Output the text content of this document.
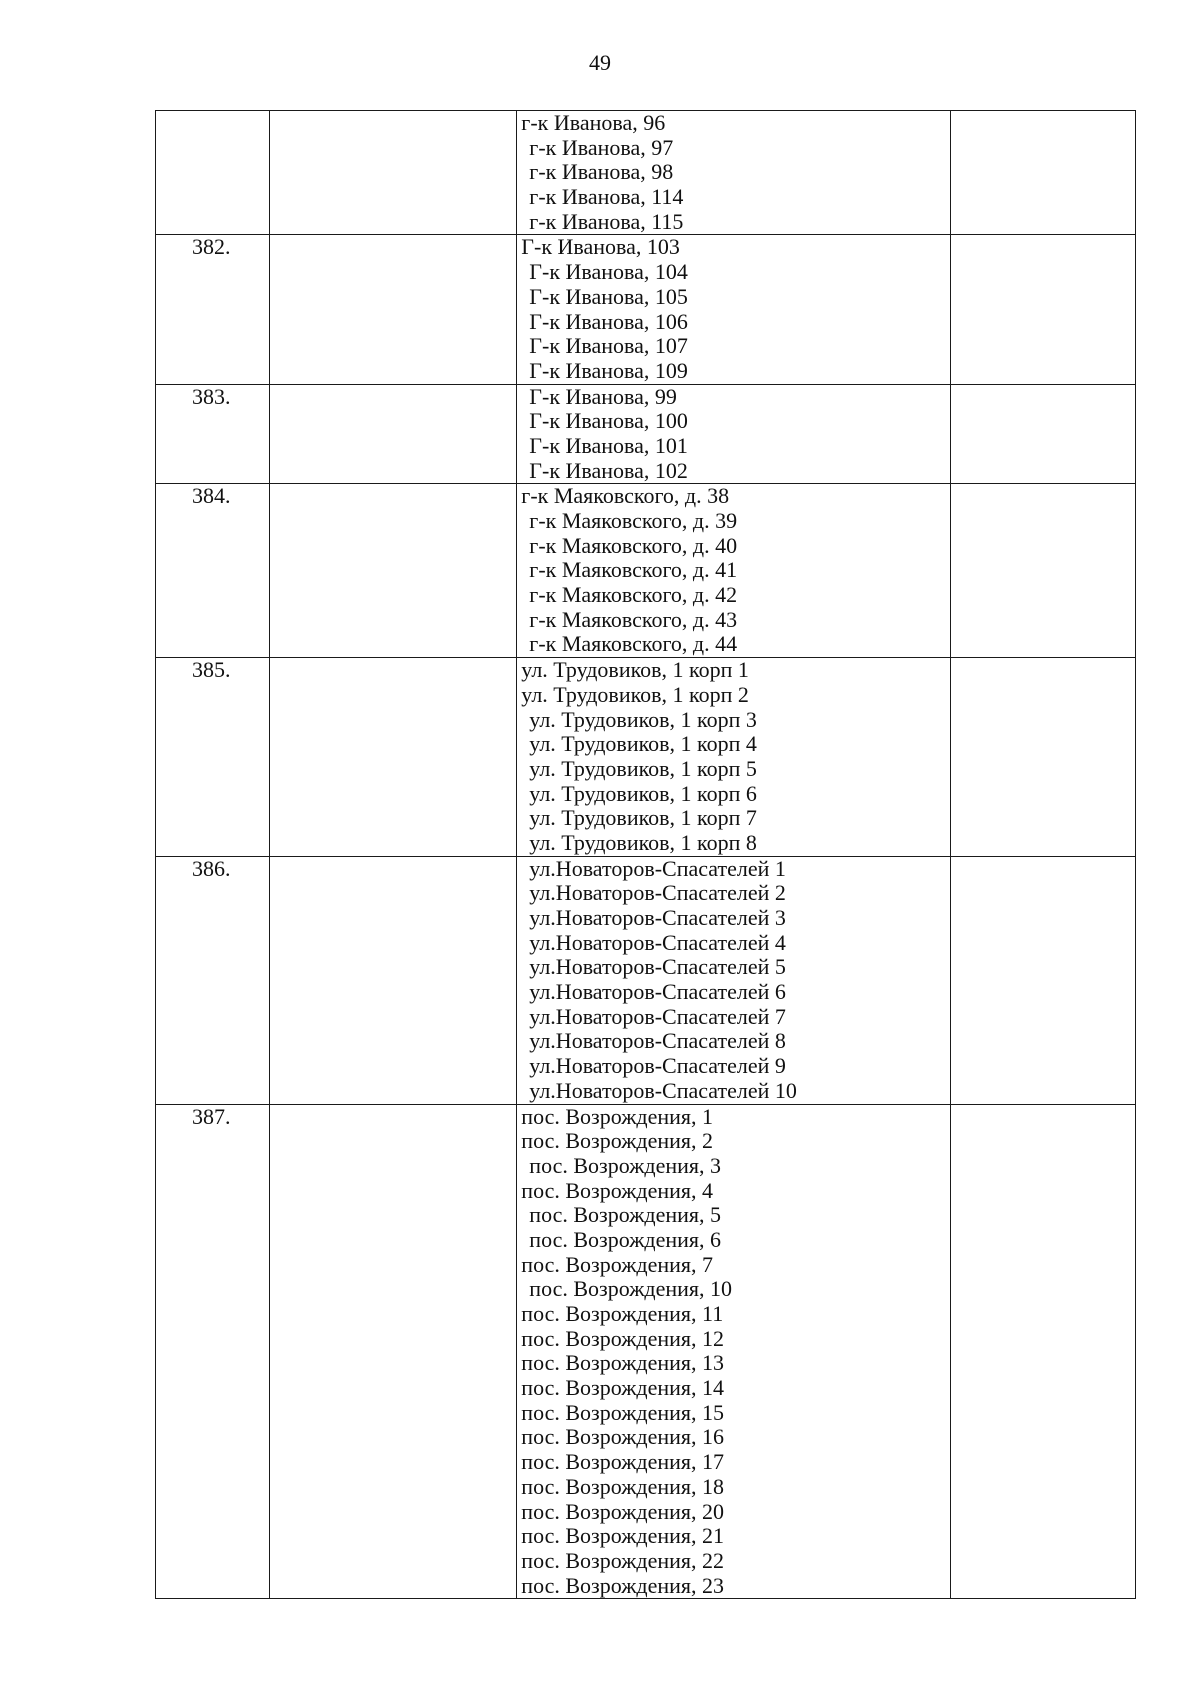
49
г-к Иванова, 96
г-к Иванова, 97
г-к Иванова, 98
г-к Иванова, 114
г-к Иванова, 115
382.	Г-к Иванова, 103
Г-к Иванова, 104
Г-к Иванова, 105
Г-к Иванова, 106
Г-к Иванова, 107
Г-к Иванова, 109
383.	Г-к Иванова, 99
Г-к Иванова, 100
Г-к Иванова, 101
Г-к Иванова, 102
384.	г-к Маяковского, д. 38
г-к Маяковского, д. 39
г-к Маяковского, д. 40
г-к Маяковского, д. 41
г-к Маяковского, д. 42
г-к Маяковского, д. 43
г-к Маяковского, д. 44
385.	ул. Трудовиков, 1 корп 1
ул. Трудовиков, 1 корп 2
ул. Трудовиков, 1 корп 3
ул. Трудовиков, 1 корп 4
ул. Трудовиков, 1 корп 5
ул. Трудовиков, 1 корп 6
ул. Трудовиков, 1 корп 7
ул. Трудовиков, 1 корп 8
386.	ул.Новаторов-Спасателей 1
ул.Новаторов-Спасателей 2
ул.Новаторов-Спасателей 3
ул.Новаторов-Спасателей 4
ул.Новаторов-Спасателей 5
ул.Новаторов-Спасателей 6
ул.Новаторов-Спасателей 7
ул.Новаторов-Спасателей 8
ул.Новаторов-Спасателей 9
ул.Новаторов-Спасателей 10
387.	пос. Возрождения, 1
пос. Возрождения, 2
пос. Возрождения, 3
пос. Возрождения, 4
пос. Возрождения, 5
пос. Возрождения, 6
пос. Возрождения, 7
пос. Возрождения, 10
пос. Возрождения, 11
пос. Возрождения, 12
пос. Возрождения, 13
пос. Возрождения, 14
пос. Возрождения, 15
пос. Возрождения, 16
пос. Возрождения, 17
пос. Возрождения, 18
пос. Возрождения, 20
пос. Возрождения, 21
пос. Возрождения, 22
пос. Возрождения, 23
